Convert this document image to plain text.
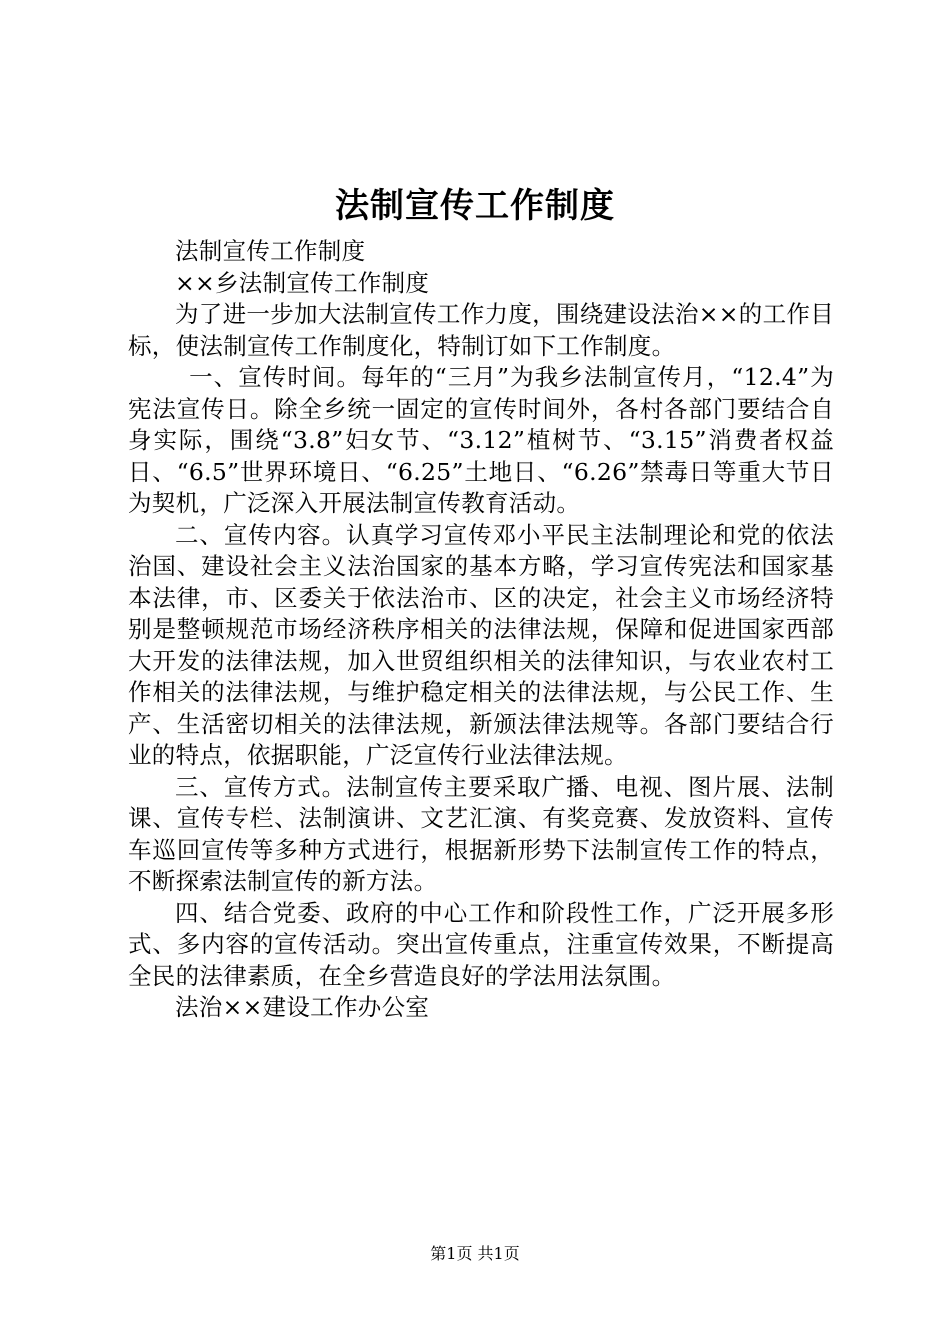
法制宣传工作制度

法制宣传工作制度

××乡法制宣传工作制度

为了进一步加大法制宣传工作力度，围绕建设法治××的工作目标，使法制宣传工作制度化，特制订如下工作制度。

一、宣传时间。每年的“三月”为我乡法制宣传月，“12.4”为宪法宣传日。除全乡统一固定的宣传时间外，各村各部门要结合自身实际，围绕“3.8”妇女节、“3.12”植树节、“3.15”消费者权益日、“6.5”世界环境日、“6.25”土地日、“6.26”禁毒日等重大节日为契机，广泛深入开展法制宣传教育活动。

二、宣传内容。认真学习宣传邓小平民主法制理论和党的依法治国、建设社会主义法治国家的基本方略，学习宣传宪法和国家基本法律，市、区委关于依法治市、区的决定，社会主义市场经济特别是整顿规范市场经济秩序相关的法律法规，保障和促进国家西部大开发的法律法规，加入世贸组织相关的法律知识，与农业农村工作相关的法律法规，与维护稳定相关的法律法规，与公民工作、生产、生活密切相关的法律法规，新颁法律法规等。各部门要结合行业的特点，依据职能，广泛宣传行业法律法规。

三、宣传方式。法制宣传主要采取广播、电视、图片展、法制课、宣传专栏、法制演讲、文艺汇演、有奖竞赛、发放资料、宣传车巡回宣传等多种方式进行，根据新形势下法制宣传工作的特点，不断探索法制宣传的新方法。

四、结合党委、政府的中心工作和阶段性工作，广泛开展多形式、多内容的宣传活动。突出宣传重点，注重宣传效果，不断提高全民的法律素质，在全乡营造良好的学法用法氛围。

法治××建设工作办公室

第1页 共1页
